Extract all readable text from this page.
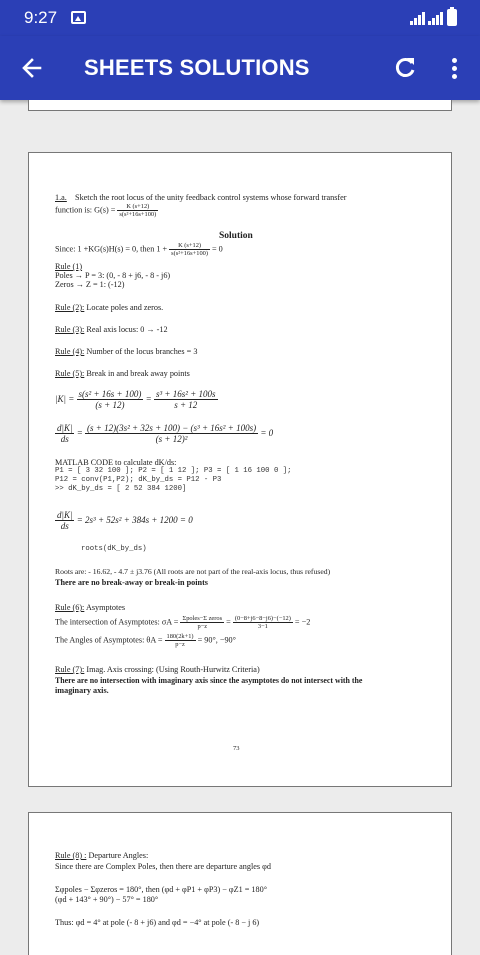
9:27
SHEETS SOLUTIONS
1.a. Sketch the root locus of the unity feedback control systems whose forward transfer
function is: $G(s) = \frac{K (s+12)}{\text{s(s²+16s+100)}}$
Solution
Since: 1 +KG(s)H(s) = 0, then $1 + \frac{K (s+12)}{\text{s(s²+16s+100)}} = 0$
Rule (1)
Poles → P = 3: (0, - 8 + j6, - 8 - j6)
Zeros → Z = 1: (-12)
Rule (2): Locate poles and zeros.
Rule (3): Real axis locus: 0 → -12
Rule (4): Number of the locus branches = 3
Rule (5): Break in and break away points
$|K| = \frac{\text{s(s² + 16s + 100)}}{(s + 12)} = \frac{\text{s³ + 16s² + 100s}}{s + 12}$
$\frac{d|K|}{ds} = \frac{\text{(s + 12)(3s² + 32s + 100) − (s³ + 16s² + 100s)}}{\text{(s + 12)²}} = 0$
MATLAB CODE to calculate dK/ds:
P1 = [ 3 32 100 ]; P2 = [ 1 12 ]; P3 = [ 1 16 100 0 ];
P12 = conv(P1,P2); dK_by_ds = P12 - P3
>> dK_by_ds = [ 2 52 384 1200]
$\frac{d|K|}{ds} = 2s^3 + 52s^2 + 384s + 1200 = 0$
roots(dK_by_ds)
Roots are: - 16.62, - 4.7 ± j3.76 (All roots are not part of the real-axis locus, thus refused)
There are no break-away or break-in points
Rule (6): Asymptotes
The intersection of Asymptotes: $\sigma A = \frac{\text{Σpoles−Σ zeros}}{p-z} = \frac{(0-8+j6-8-j6)-(-12)}{3-1} = -2$
The Angles of Asymptotes: $\theta A = \frac{180(2k+1)}{p-z} = 90^\circ$, −90°
Rule (7): Imag. Axis crossing: (Using Routh-Hurwitz Criteria)
There are no intersection with imaginary axis since the asymptotes do not intersect with the
imaginary axis.
73
Rule (8) : Departure Angles:
Since there are Complex Poles, then there are departure angles φd
Σφpoles − Σφzeros = 180°, then (φd + φP1 + φP3) − φZ1 = 180°
(φd + 143° + 90°) − 57° = 180°
Thus: φd = 4° at pole (- 8 + j6) and φd = −4° at pole (- 8 − j 6)
